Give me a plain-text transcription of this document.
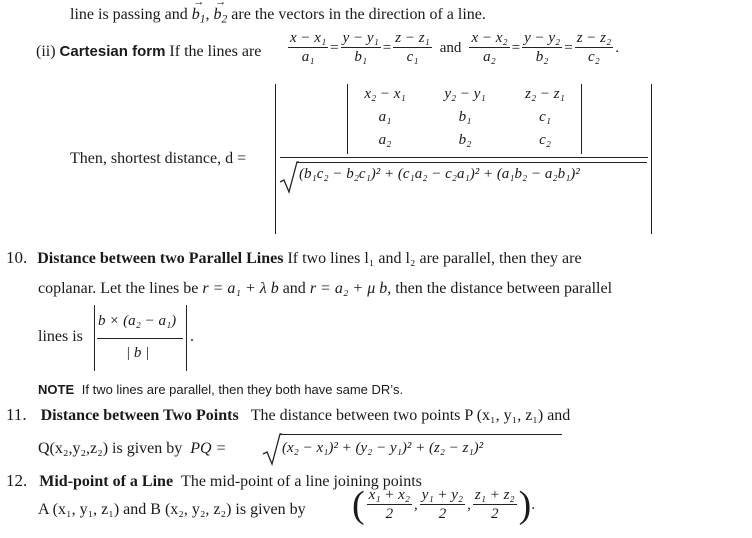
line is passing and → $b_1$, → $b_2$ are the vectors in the direction of a line.
(ii) Cartesian form If the lines are $\frac{\text{x − x₁}}{\text{a₁}} = \frac{\text{y − y₁}}{\text{b₁}} = \frac{\text{z − z₁}}{\text{c₁}}$ and $\frac{\text{x − x₂}}{\text{a₂}} = \frac{\text{y − y₂}}{\text{b₂}} = \frac{\text{z − z₂}}{\text{c₂}}$ .
Then, shortest distance, d =
x₂ − x₁	y₂ − y₁	z₂ − z₁
a₁	b₁	c₁
a₂	b₂	c₂
(b₁c₂ − b₂c₁)² + (c₁a₂ − c₂a₁)² + (a₁b₂ − a₂b₁)²
10. Distance between two Parallel Lines If two lines l₁ and l₂ are parallel, then they are
coplanar. Let the lines be r = a₁ + λ b and r = a₂ + μ b, then the distance between parallel
lines is
b × (a₂ − a₁)
| b |
.
NOTE If two lines are parallel, then they both have same DR’s.
11. Distance between Two Points The distance between two points P (x₁, y₁, z₁) and
Q(x₂,y₂,z₂) is given by PQ =	(x₂ − x₁)² + (y₂ − y₁)² + (z₂ − z₁)²
12. Mid-point of a Line The mid-point of a line joining points
A (x₁, y₁, z₁) and B (x₂, y₂, z₂) is given by ( $\frac{\text{x₁ + x₂}}{2}$ , $\frac{\text{y₁ + y₂}}{2}$ , $\frac{\text{z₁ + z₂}}{2}$ ) .
